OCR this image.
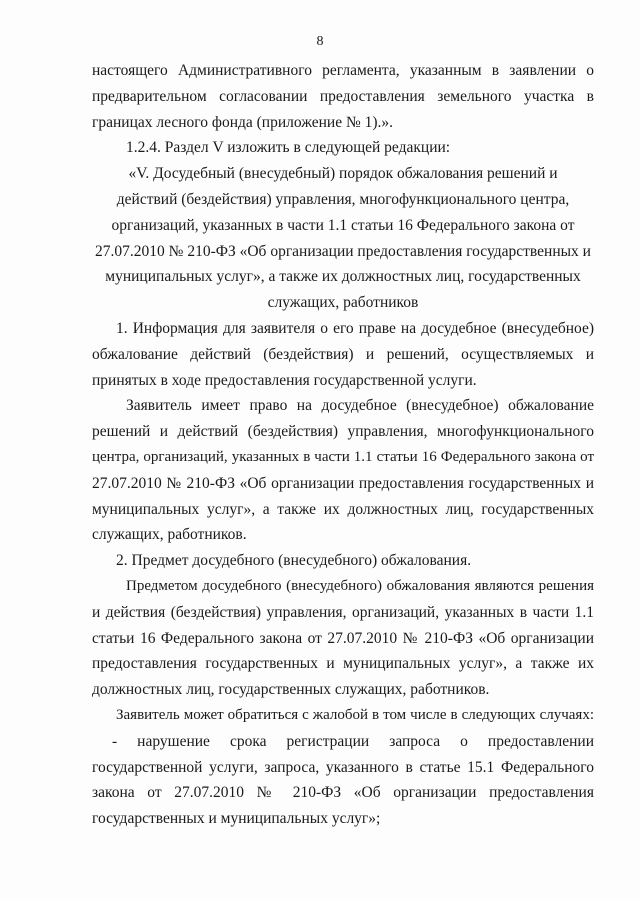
8
настоящего Административного регламента, указанным в заявлении о
предварительном согласовании предоставления земельного участка в
границах лесного фонда (приложение № 1).».
1.2.4. Раздел V изложить в следующей редакции:
«V. Досудебный (внесудебный) порядок обжалования решений и
действий (бездействия) управления, многофункционального центра,
организаций, указанных в части 1.1 статьи 16 Федерального закона от
27.07.2010 № 210-ФЗ «Об организации предоставления государственных и
муниципальных услуг», а также их должностных лиц, государственных
служащих, работников
1. Информация для заявителя о его праве на досудебное (внесудебное)
обжалование действий (бездействия) и решений, осуществляемых и
принятых в ходе предоставления государственной услуги.
Заявитель имеет право на досудебное (внесудебное) обжалование
решений и действий (бездействия) управления, многофункционального
центра, организаций, указанных в части 1.1 статьи 16 Федерального закона от
27.07.2010 № 210-ФЗ «Об организации предоставления государственных и
муниципальных услуг», а также их должностных лиц, государственных
служащих, работников.
2. Предмет досудебного (внесудебного) обжалования.
Предметом досудебного (внесудебного) обжалования являются решения
и действия (бездействия) управления, организаций, указанных в части 1.1
статьи 16 Федерального закона от 27.07.2010 № 210-ФЗ «Об организации
предоставления государственных и муниципальных услуг», а также их
должностных лиц, государственных служащих, работников.
Заявитель может обратиться с жалобой в том числе в следующих случаях:
- нарушение срока регистрации запроса о предоставлении
государственной услуги, запроса, указанного в статье 15.1 Федерального
закона от 27.07.2010 № 210-ФЗ «Об организации предоставления
государственных и муниципальных услуг»;
